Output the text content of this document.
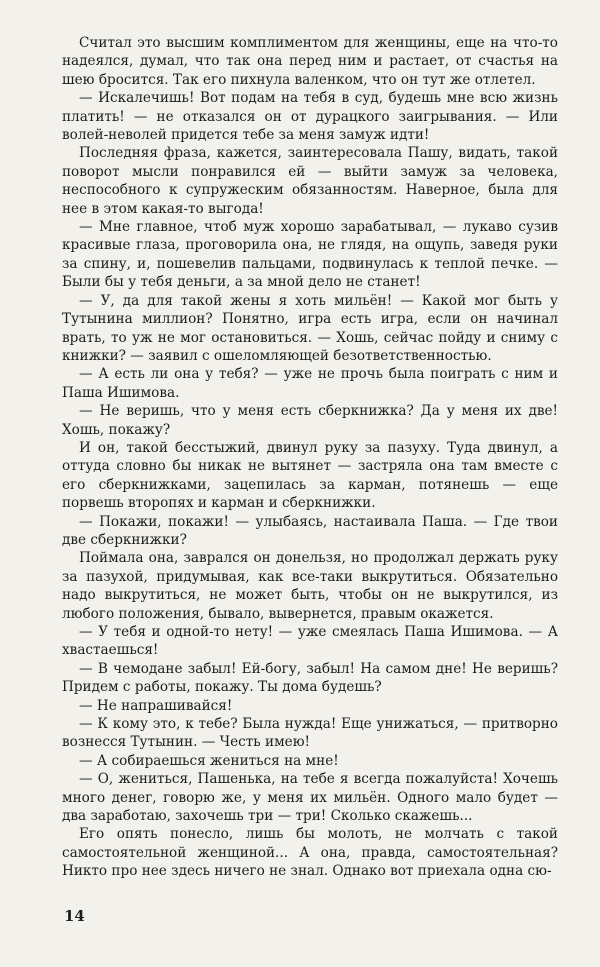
Считал это высшим комплиментом для женщины, еще на что-то надеялся, думал, что так она перед ним и растает, от счастья на шею бросится. Так его пихнула валенком, что он тут же отлетел.

— Искалечишь! Вот подам на тебя в суд, будешь мне всю жизнь платить! — не отказался он от дурацкого заигрывания. — Или волей-неволей придется тебе за меня замуж идти!

Последняя фраза, кажется, заинтересовала Пашу, видать, такой поворот мысли понравился ей — выйти замуж за человека, неспособного к супружеским обязанностям. Наверное, была для нее в этом какая-то выгода!

— Мне главное, чтоб муж хорошо зарабатывал, — лукаво сузив красивые глаза, проговорила она, не глядя, на ощупь, заведя руки за спину, и, пошевелив пальцами, подвинулась к теплой печке. — Были бы у тебя деньги, а за мной дело не станет!

— У, да для такой жены я хоть мильён! — Какой мог быть у Тутынина миллион? Понятно, игра есть игра, если он начинал врать, то уж не мог остановиться. — Хошь, сейчас пойду и сниму с книжки? — заявил с ошеломляющей безответственностью.

— А есть ли она у тебя? — уже не прочь была поиграть с ним и Паша Ишимова.

— Не веришь, что у меня есть сберкнижка? Да у меня их две! Хошь, покажу?

И он, такой бесстыжий, двинул руку за пазуху. Туда двинул, а оттуда словно бы никак не вытянет — застряла она там вместе с его сберкнижками, зацепилась за карман, потянешь — еще порвешь второпях и карман и сберкнижки.

— Покажи, покажи! — улыбаясь, настаивала Паша. — Где твои две сберкнижки?

Поймала она, заврался он донельзя, но продолжал держать руку за пазухой, придумывая, как все-таки выкрутиться. Обязательно надо выкрутиться, не может быть, чтобы он не выкрутился, из любого положения, бывало, вывернется, правым окажется.

— У тебя и одной-то нету! — уже смеялась Паша Ишимова. — А хвастаешься!

— В чемодане забыл! Ей-богу, забыл! На самом дне! Не веришь? Придем с работы, покажу. Ты дома будешь?

— Не напрашивайся!

— К кому это, к тебе? Была нужда! Еще унижаться, — притворно вознесся Тутынин. — Честь имею!

— А собираешься жениться на мне!

— О, жениться, Пашенька, на тебе я всегда пожалуйста! Хочешь много денег, говорю же, у меня их мильён. Одного мало будет — два заработаю, захочешь три — три! Сколько скажешь...

Его опять понесло, лишь бы молоть, не молчать с такой самостоятельной женщиной... А она, правда, самостоятельная? Никто про нее здесь ничего не знал. Однако вот приехала одна сю-

14
